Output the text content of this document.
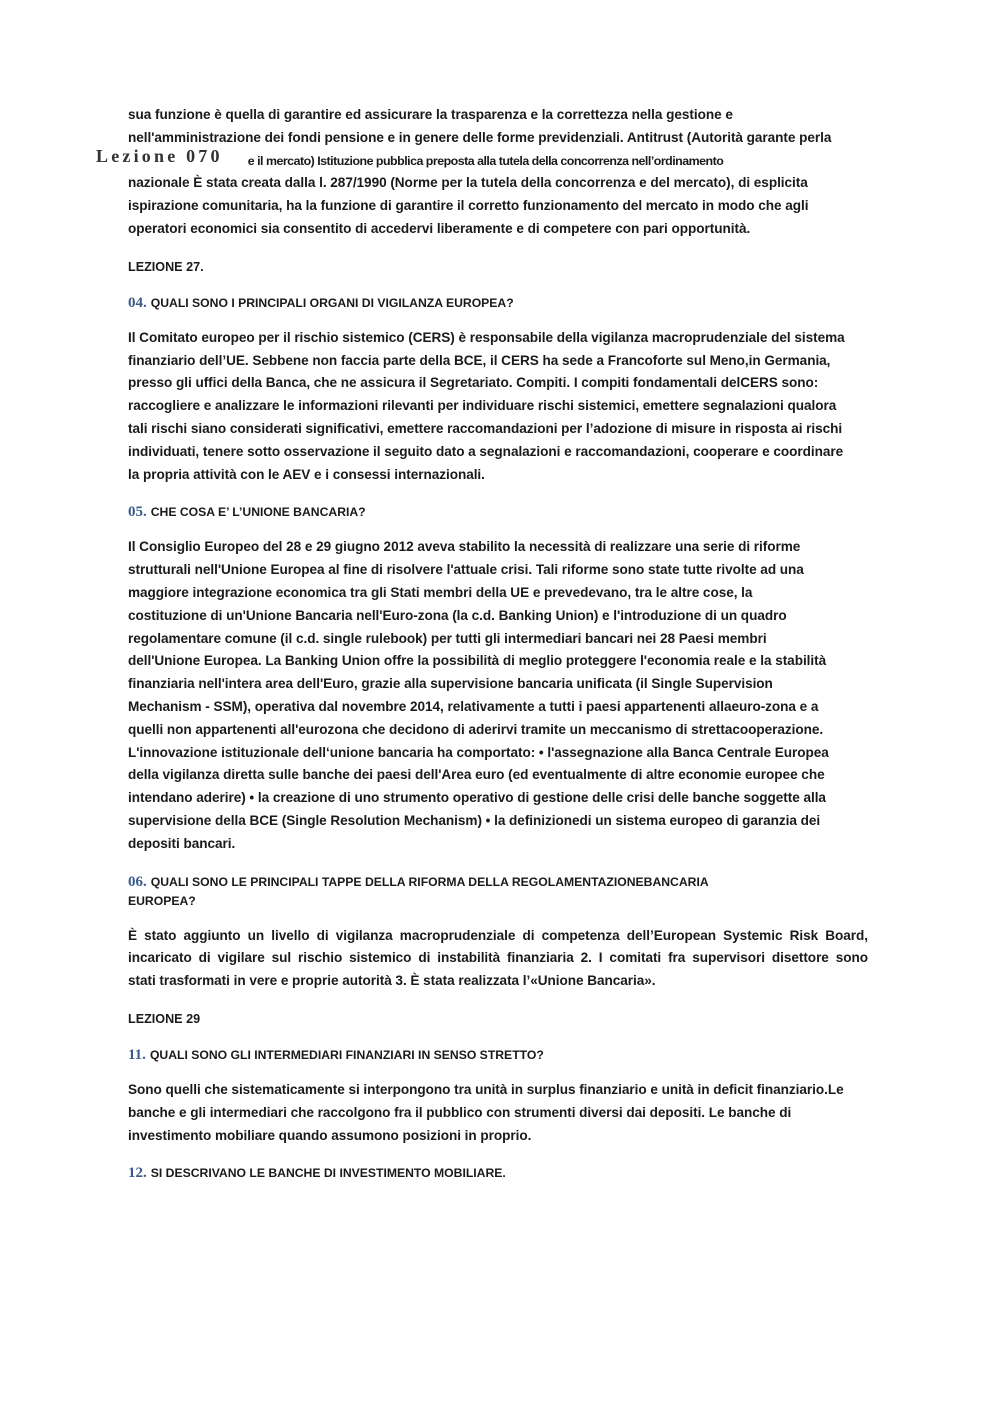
Lezione 070
sua funzione è quella di garantire ed assicurare la trasparenza e la correttezza nella gestione e
nell'amministrazione dei fondi pensione e in genere delle forme previdenziali. Antitrust (Autorità garante perla
e il mercato) Istituzione pubblica preposta alla tutela della concorrenza nell’ordinamento
nazionale È stata creata dalla l. 287/1990 (Norme per la tutela della concorrenza e del mercato), di esplicita
ispirazione comunitaria, ha la funzione di garantire il corretto funzionamento del mercato in modo che agli
operatori economici sia consentito di accedervi liberamente e di competere con pari opportunità.

LEZIONE 27.

04. QUALI SONO I PRINCIPALI ORGANI DI VIGILANZA EUROPEA?

Il Comitato europeo per il rischio sistemico (CERS) è responsabile della vigilanza macroprudenziale del sistema
finanziario dell’UE. Sebbene non faccia parte della BCE, il CERS ha sede a Francoforte sul Meno,in Germania,
presso gli uffici della Banca, che ne assicura il Segretariato. Compiti. I compiti fondamentali delCERS sono:
raccogliere e analizzare le informazioni rilevanti per individuare rischi sistemici, emettere segnalazioni qualora
tali rischi siano considerati significativi, emettere raccomandazioni per l’adozione di misure in risposta ai rischi
individuati, tenere sotto osservazione il seguito dato a segnalazioni e raccomandazioni, cooperare e coordinare
la propria attività con le AEV e i consessi internazionali.

05. CHE COSA E’ L’UNIONE BANCARIA?

Il Consiglio Europeo del 28 e 29 giugno 2012 aveva stabilito la necessità di realizzare una serie di riforme
strutturali nell'Unione Europea al fine di risolvere l'attuale crisi. Tali riforme sono state tutte rivolte ad una
maggiore integrazione economica tra gli Stati membri della UE e prevedevano, tra le altre cose, la
costituzione di un'Unione Bancaria nell'Euro-zona (la c.d. Banking Union) e l'introduzione di un quadro
regolamentare comune (il c.d. single rulebook) per tutti gli intermediari bancari nei 28 Paesi membri
dell'Unione Europea. La Banking Union offre la possibilità di meglio proteggere l'economia reale e la stabilità
finanziaria nell'intera area dell'Euro, grazie alla supervisione bancaria unificata (il Single Supervision
Mechanism - SSM), operativa dal novembre 2014, relativamente a tutti i paesi appartenenti allaeuro-zona e a
quelli non appartenenti all'eurozona che decidono di aderirvi tramite un meccanismo di strettacooperazione.
L'innovazione istituzionale dell‘unione bancaria ha comportato: • l'assegnazione alla Banca Centrale Europea
della vigilanza diretta sulle banche dei paesi dell'Area euro (ed eventualmente di altre economie europee che
intendano aderire) • la creazione di uno strumento operativo di gestione delle crisi delle banche soggette alla
supervisione della BCE (Single Resolution Mechanism) • la definizionedi un sistema europeo di garanzia dei
depositi bancari.

06. QUALI SONO LE PRINCIPALI TAPPE DELLA RIFORMA DELLA REGOLAMENTAZIONEBANCARIA

EUROPEA?

È stato aggiunto un livello di vigilanza macroprudenziale di competenza dell’European Systemic Risk Board,
incaricato di vigilare sul rischio sistemico di instabilità finanziaria 2. I comitati fra supervisori disettore sono
stati trasformati in vere e proprie autorità 3. È stata realizzata l’«Unione Bancaria».

LEZIONE 29

11. QUALI SONO GLI INTERMEDIARI FINANZIARI IN SENSO STRETTO?

Sono quelli che sistematicamente si interpongono tra unità in surplus finanziario e unità in deficit finanziario.Le
banche e gli intermediari che raccolgono fra il pubblico con strumenti diversi dai depositi. Le banche di
investimento mobiliare quando assumono posizioni in proprio.

12. SI DESCRIVANO LE BANCHE DI INVESTIMENTO MOBILIARE.
